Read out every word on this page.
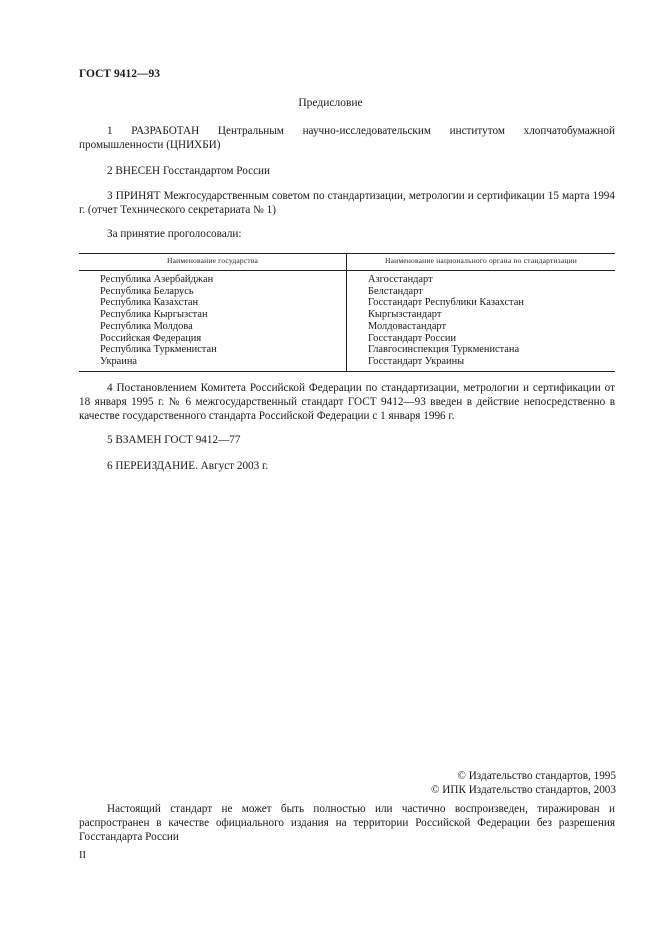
ГОСТ 9412—93
Предисловие
1 РАЗРАБОТАН Центральным научно-исследовательским институтом хлопчатобумажной промышленности (ЦНИХБИ)
2 ВНЕСЕН Госстандартом России
3 ПРИНЯТ Межгосударственным советом по стандартизации, метрологии и сертификации 15 марта 1994 г. (отчет Технического секретариата № 1)
За принятие проголосовали:
Наименование государства	Наименование национального органа по стандартизации
Республика Азербайджан
Республика Беларусь
Республика Казахстан
Республика Кыргызстан
Республика Молдова
Российская Федерация
Республика Туркменистан
Украина
Азгосстандарт
Белстандарт
Госстандарт Республики Казахстан
Кыргызстандарт
Молдовастандарт
Госстандарт России
Главгосинспекция Туркменистана
Госстандарт Украины
4 Постановлением Комитета Российской Федерации по стандартизации, метрологии и сертификации от 18 января 1995 г. № 6 межгосударственный стандарт ГОСТ 9412—93 введен в действие непосредственно в качестве государственного стандарта Российской Федерации с 1 января 1996 г.
5 ВЗАМЕН ГОСТ 9412—77
6 ПЕРЕИЗДАНИЕ. Август 2003 г.
© Издательство стандартов, 1995
© ИПК Издательство стандартов, 2003
Настоящий стандарт не может быть полностью или частично воспроизведен, тиражирован и распространен в качестве официального издания на территории Российской Федерации без разрешения Госстандарта России
II
